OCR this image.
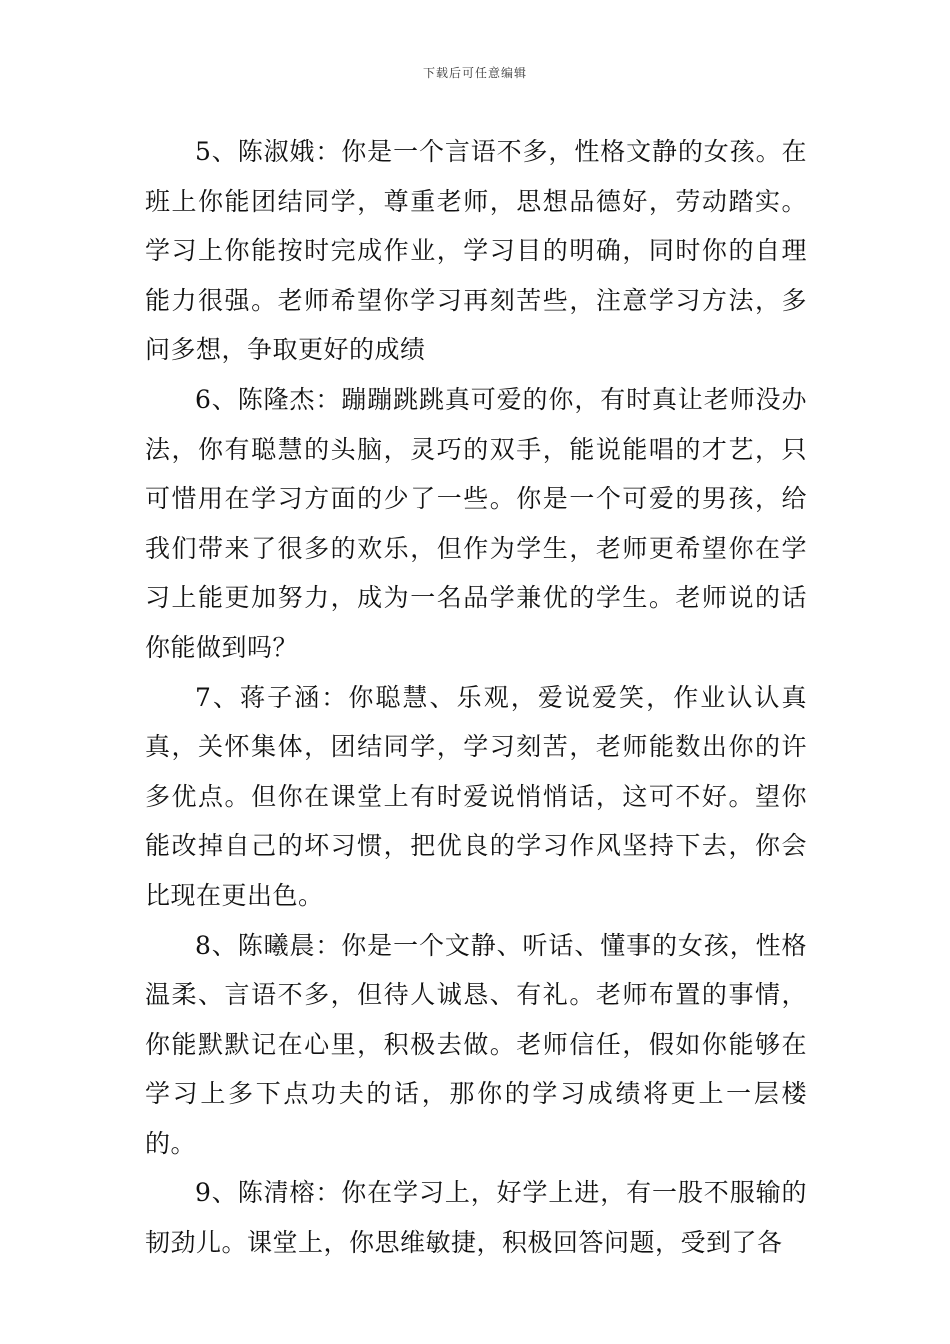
下载后可任意编辑

5、陈淑娥：你是一个言语不多，性格文静的女孩。在班上你能团结同学，尊重老师，思想品德好，劳动踏实。学习上你能按时完成作业，学习目的明确，同时你的自理能力很强。老师希望你学习再刻苦些，注意学习方法，多问多想，争取更好的成绩

6、陈隆杰：蹦蹦跳跳真可爱的你，有时真让老师没办法，你有聪慧的头脑，灵巧的双手，能说能唱的才艺，只可惜用在学习方面的少了一些。你是一个可爱的男孩，给我们带来了很多的欢乐，但作为学生，老师更希望你在学习上能更加努力，成为一名品学兼优的学生。老师说的话你能做到吗？

7、蒋子涵：你聪慧、乐观，爱说爱笑，作业认认真真，关怀集体，团结同学，学习刻苦，老师能数出你的许多优点。但你在课堂上有时爱说悄悄话，这可不好。望你能改掉自己的坏习惯，把优良的学习作风坚持下去，你会比现在更出色。

8、陈曦晨：你是一个文静、听话、懂事的女孩，性格温柔、言语不多，但待人诚恳、有礼。老师布置的事情，你能默默记在心里，积极去做。老师信任，假如你能够在学习上多下点功夫的话，那你的学习成绩将更上一层楼的。

9、陈清榕：你在学习上，好学上进，有一股不服输的韧劲儿。课堂上，你思维敏捷，积极回答问题，受到了各
